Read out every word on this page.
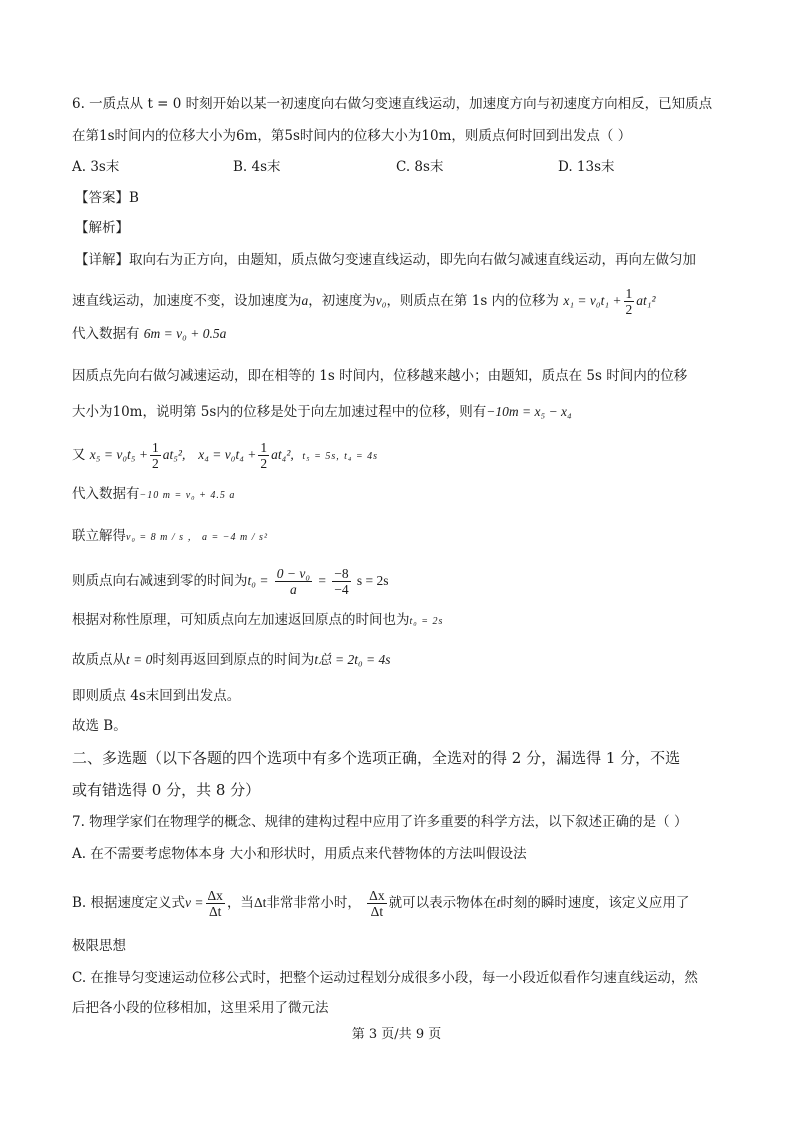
6. 一质点从 t = 0 时刻开始以某一初速度向右做匀变速直线运动，加速度方向与初速度方向相反，已知质点
在第1s时间内的位移大小为6m，第5s时间内的位移大小为10m，则质点何时回到出发点（ ）
A. 3s末	B. 4s末	C. 8s末	D. 13s末
【答案】B
【解析】
【详解】取向右为正方向，由题知，质点做匀变速直线运动，即先向右做匀减速直线运动，再向左做匀加
速直线运动，加速度不变，设加速度为a，初速度为v₀，则质点在第 1s 内的位移为 $x_1 = v_0t_1 + \frac{1}{2} at_1^2$
代入数据有 6m = v₀ + 0.5a
因质点先向右做匀减速运动，即在相等的 1s 时间内，位移越来越小；由题知，质点在 5s 时间内的位移
大小为10m，说明第 5s内的位移是处于向左加速过程中的位移，则有−10m = x₅ − x₄
又 $x_5 = v_0t_5 + \frac{1}{2} at_5^2$, $x_4 = v_0t_4 + \frac{1}{2} at_4^2$, t₅ = 5s, t₄ = 4s
代入数据有−10 m = v₀ + 4.5 a
联立解得v₀ = 8 m / s ， a = −4 m / s²
则质点向右减速到零的时间为$t_0 = \frac{\text{0 − v₀}}{a} = \frac{-8}{-4}$ s = 2s
根据对称性原理，可知质点向左加速返回原点的时间也为t₀ = 2s
故质点从t = 0时刻再返回到原点的时间为t总 = 2t₀ = 4s
即则质点 4s末回到出发点。
故选 B。
二、多选题（以下各题的四个选项中有多个选项正确，全选对的得 2 分，漏选得 1 分，不选
或有错选得 0 分，共 8 分）
7. 物理学家们在物理学的概念、规律的建构过程中应用了许多重要的科学方法，以下叙述正确的是（ ）
A. 在不需要考虑物体本身 大小和形状时，用质点来代替物体的方法叫假设法
B. 根据速度定义式$v = \frac{\Delta x}{\Delta t}$ ，当Δt非常非常小时， $\frac{\Delta x}{\Delta t}$ 就可以表示物体在t时刻的瞬时速度，该定义应用了
极限思想
C. 在推导匀变速运动位移公式时，把整个运动过程划分成很多小段，每一小段近似看作匀速直线运动，然
后把各小段的位移相加，这里采用了微元法
第 3 页/共 9 页
